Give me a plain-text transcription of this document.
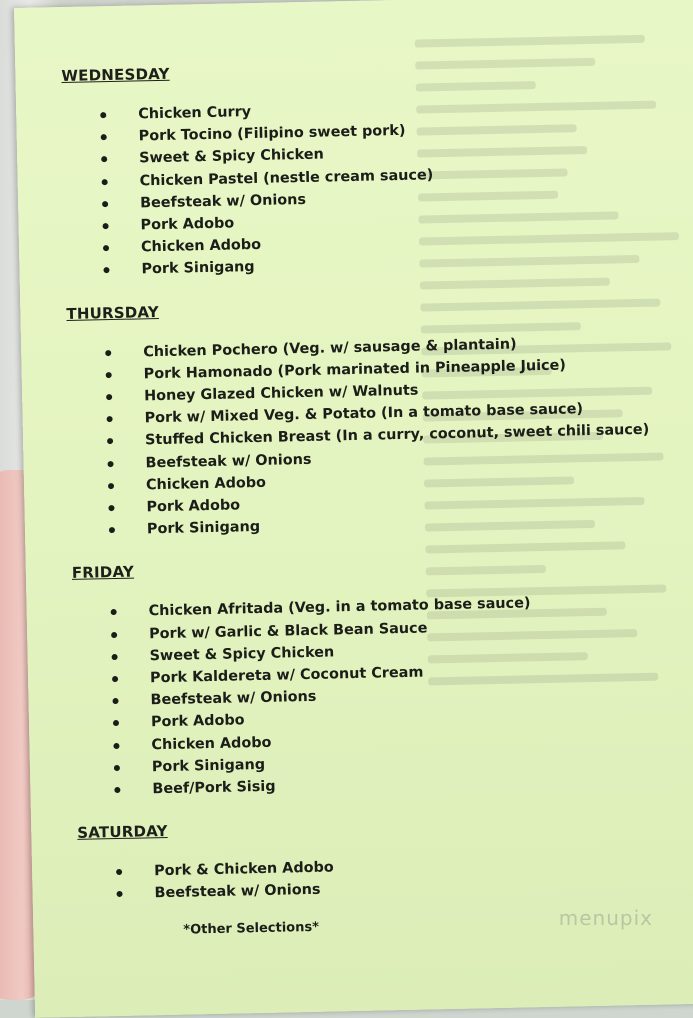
WEDNESDAY
Chicken Curry
Pork Tocino (Filipino sweet pork)
Sweet & Spicy Chicken
Chicken Pastel (nestle cream sauce)
Beefsteak w/ Onions
Pork Adobo
Chicken Adobo
Pork Sinigang
THURSDAY
Chicken Pochero (Veg. w/ sausage & plantain)
Pork Hamonado (Pork marinated in Pineapple Juice)
Honey Glazed Chicken w/ Walnuts
Pork w/ Mixed Veg. & Potato (In a tomato base sauce)
Stuffed Chicken Breast (In a curry, coconut, sweet chili sauce)
Beefsteak w/ Onions
Chicken Adobo
Pork Adobo
Pork Sinigang
FRIDAY
Chicken Afritada (Veg. in a tomato base sauce)
Pork w/ Garlic & Black Bean Sauce
Sweet & Spicy Chicken
Pork Kaldereta w/ Coconut Cream
Beefsteak w/ Onions
Pork Adobo
Chicken Adobo
Pork Sinigang
Beef/Pork Sisig
SATURDAY
Pork & Chicken Adobo
Beefsteak w/ Onions
*Other Selections*	menupix
